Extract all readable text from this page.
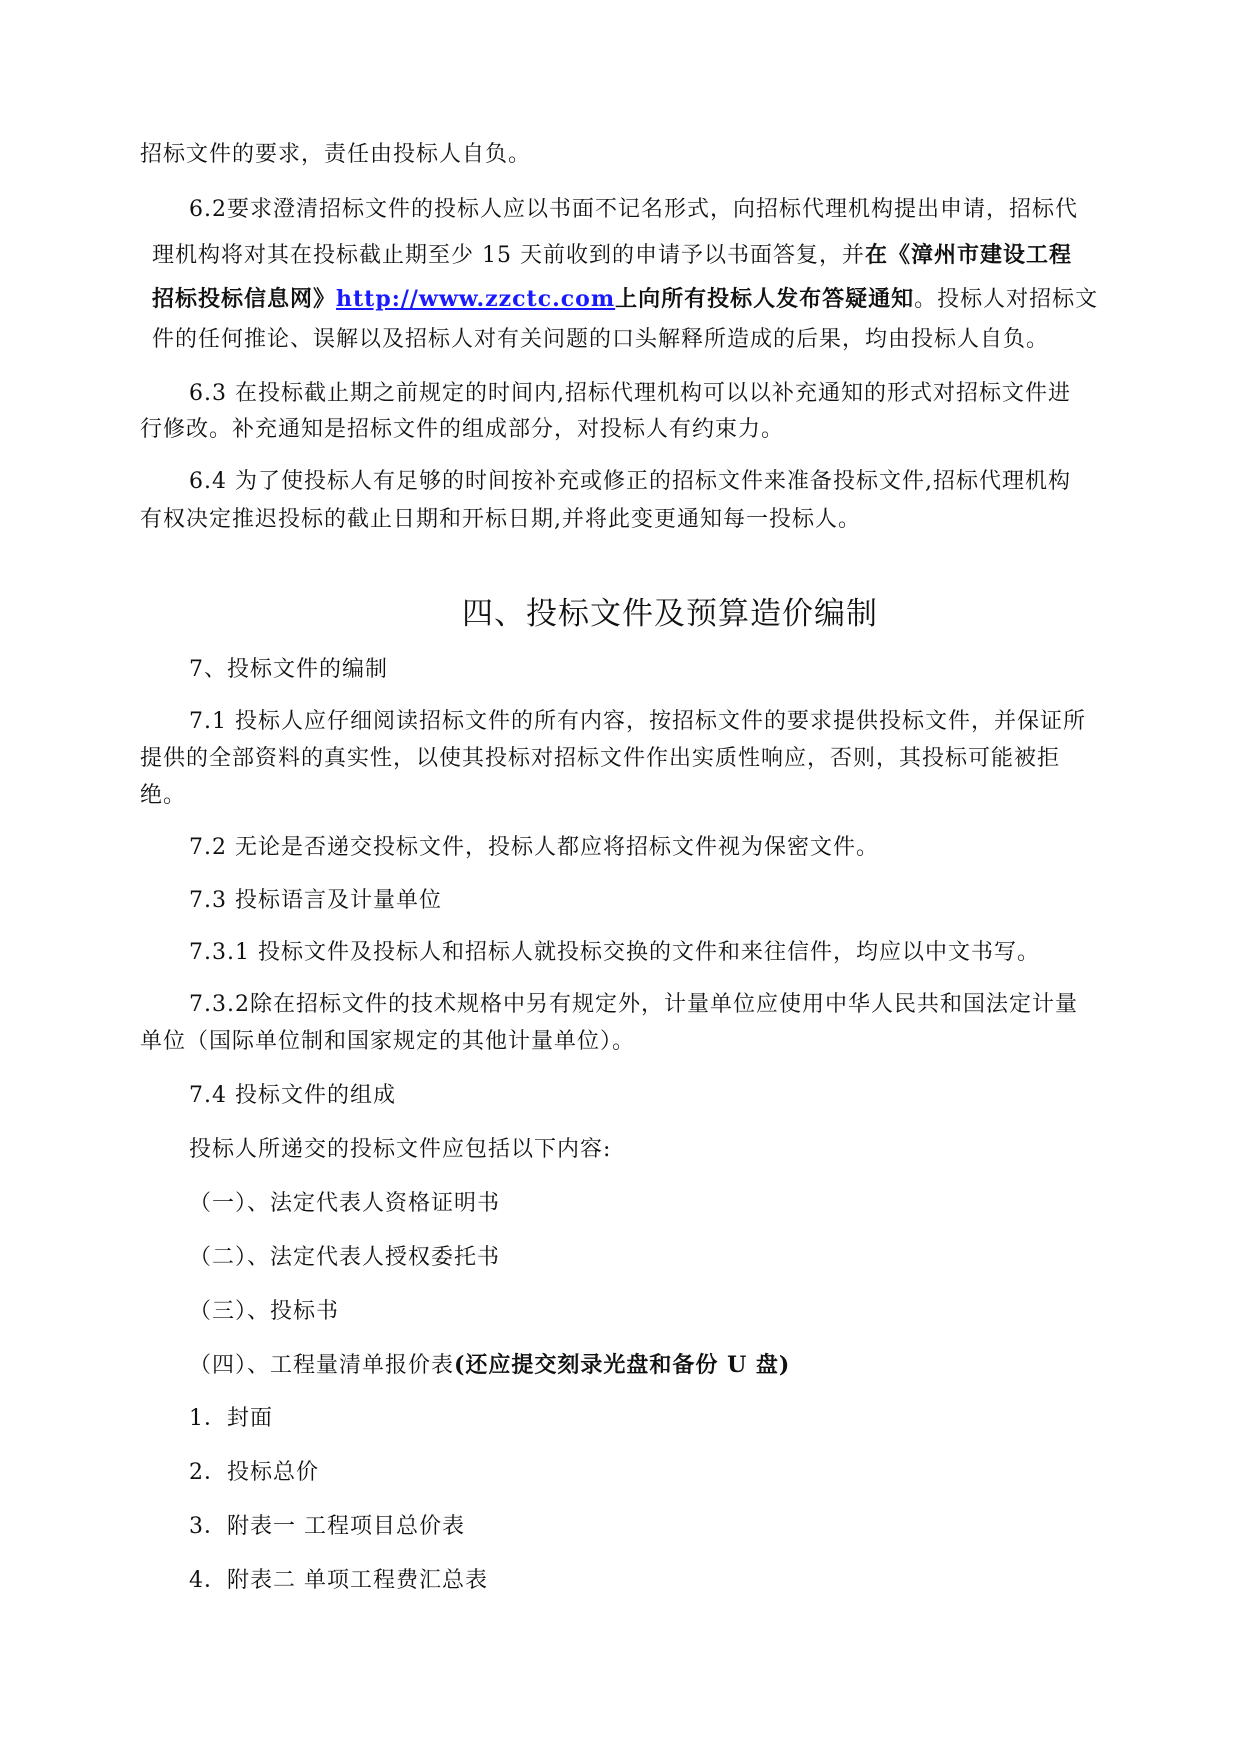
招标文件的要求，责任由投标人自负。
6.2要求澄清招标文件的投标人应以书面不记名形式，向招标代理机构提出申请，招标代
理机构将对其在投标截止期至少 15 天前收到的申请予以书面答复，并在《漳州市建设工程
招标投标信息网》http://www.zzctc.com上向所有投标人发布答疑通知。投标人对招标文
件的任何推论、误解以及招标人对有关问题的口头解释所造成的后果，均由投标人自负。
6.3 在投标截止期之前规定的时间内,招标代理机构可以以补充通知的形式对招标文件进
行修改。补充通知是招标文件的组成部分，对投标人有约束力。
6.4 为了使投标人有足够的时间按补充或修正的招标文件来准备投标文件,招标代理机构
有权决定推迟投标的截止日期和开标日期,并将此变更通知每一投标人。
四、投标文件及预算造价编制
7、投标文件的编制
7.1 投标人应仔细阅读招标文件的所有内容，按招标文件的要求提供投标文件，并保证所
提供的全部资料的真实性，以使其投标对招标文件作出实质性响应，否则，其投标可能被拒
绝。
7.2 无论是否递交投标文件，投标人都应将招标文件视为保密文件。
7.3 投标语言及计量单位
7.3.1 投标文件及投标人和招标人就投标交换的文件和来往信件，均应以中文书写。
7.3.2除在招标文件的技术规格中另有规定外，计量单位应使用中华人民共和国法定计量
单位（国际单位制和国家规定的其他计量单位）。
7.4 投标文件的组成
投标人所递交的投标文件应包括以下内容:
（一）、法定代表人资格证明书
（二）、法定代表人授权委托书
（三）、投标书
（四）、工程量清单报价表(还应提交刻录光盘和备份 U 盘)
1．封面
2．投标总价
3．附表一 工程项目总价表
4．附表二 单项工程费汇总表
